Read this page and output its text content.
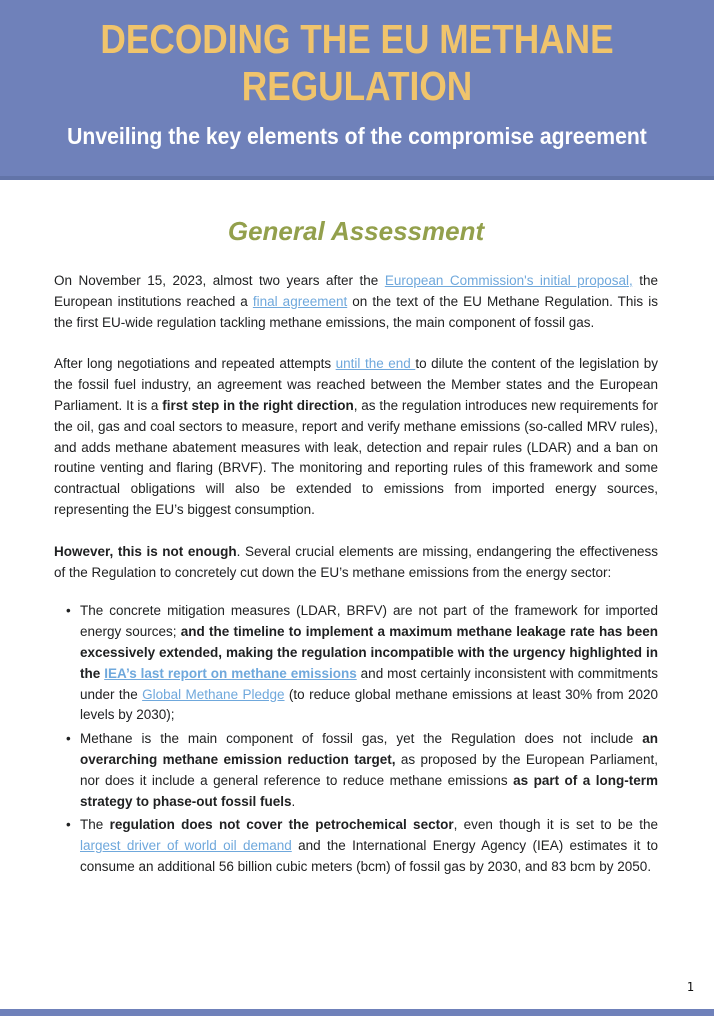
DECODING THE EU METHANE REGULATION
Unveiling the key elements of the compromise agreement
General Assessment

On November 15, 2023, almost two years after the European Commission's initial proposal, the European institutions reached a final agreement on the text of the EU Methane Regulation. This is the first EU-wide regulation tackling methane emissions, the main component of fossil gas.

After long negotiations and repeated attempts until the end to dilute the content of the legislation by the fossil fuel industry, an agreement was reached between the Member states and the European Parliament. It is a first step in the right direction, as the regulation introduces new requirements for the oil, gas and coal sectors to measure, report and verify methane emissions (so-called MRV rules), and adds methane abatement measures with leak, detection and repair rules (LDAR) and a ban on routine venting and flaring (BRVF). The monitoring and reporting rules of this framework and some contractual obligations will also be extended to emissions from imported energy sources, representing the EU’s biggest consumption.

However, this is not enough. Several crucial elements are missing, endangering the effectiveness of the Regulation to concretely cut down the EU’s methane emissions from the energy sector:

• The concrete mitigation measures (LDAR, BRFV) are not part of the framework for imported energy sources; and the timeline to implement a maximum methane leakage rate has been excessively extended, making the regulation incompatible with the urgency highlighted in the IEA’s last report on methane emissions and most certainly inconsistent with commitments under the Global Methane Pledge (to reduce global methane emissions at least 30% from 2020 levels by 2030);
• Methane is the main component of fossil gas, yet the Regulation does not include an overarching methane emission reduction target, as proposed by the European Parliament, nor does it include a general reference to reduce methane emissions as part of a long-term strategy to phase-out fossil fuels.
• The regulation does not cover the petrochemical sector, even though it is set to be the largest driver of world oil demand and the International Energy Agency (IEA) estimates it to consume an additional 56 billion cubic meters (bcm) of fossil gas by 2030, and 83 bcm by 2050.
1
